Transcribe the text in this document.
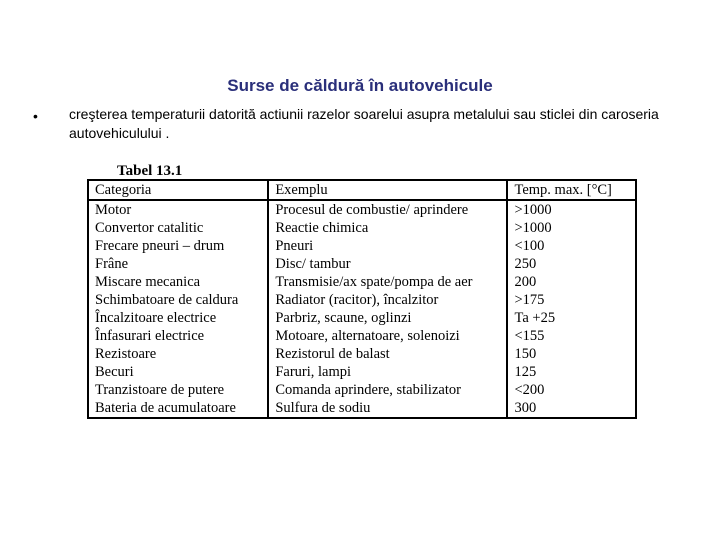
Surse de căldură în autovehicule
• creşterea temperaturii datorită actiunii razelor soarelui asupra metalului sau sticlei din caroseria autovehiculului .
Tabel 13.1
Categoria	Exemplu	Temp. max. [°C]
Motor	Procesul de combustie/ aprindere	>1000
Convertor catalitic	Reactie chimica	>1000
Frecare pneuri – drum	Pneuri	<100
Frâne	Disc/ tambur	250
Miscare mecanica	Transmisie/ax spate/pompa de aer	200
Schimbatoare de caldura	Radiator (racitor), încalzitor	>175
Încalzitoare electrice	Parbriz, scaune, oglinzi	Ta +25
Înfasurari electrice	Motoare, alternatoare, solenoizi	<155
Rezistoare	Rezistorul de balast	150
Becuri	Faruri, lampi	125
Tranzistoare de putere	Comanda aprindere, stabilizator	<200
Bateria de acumulatoare	Sulfura de sodiu	300
